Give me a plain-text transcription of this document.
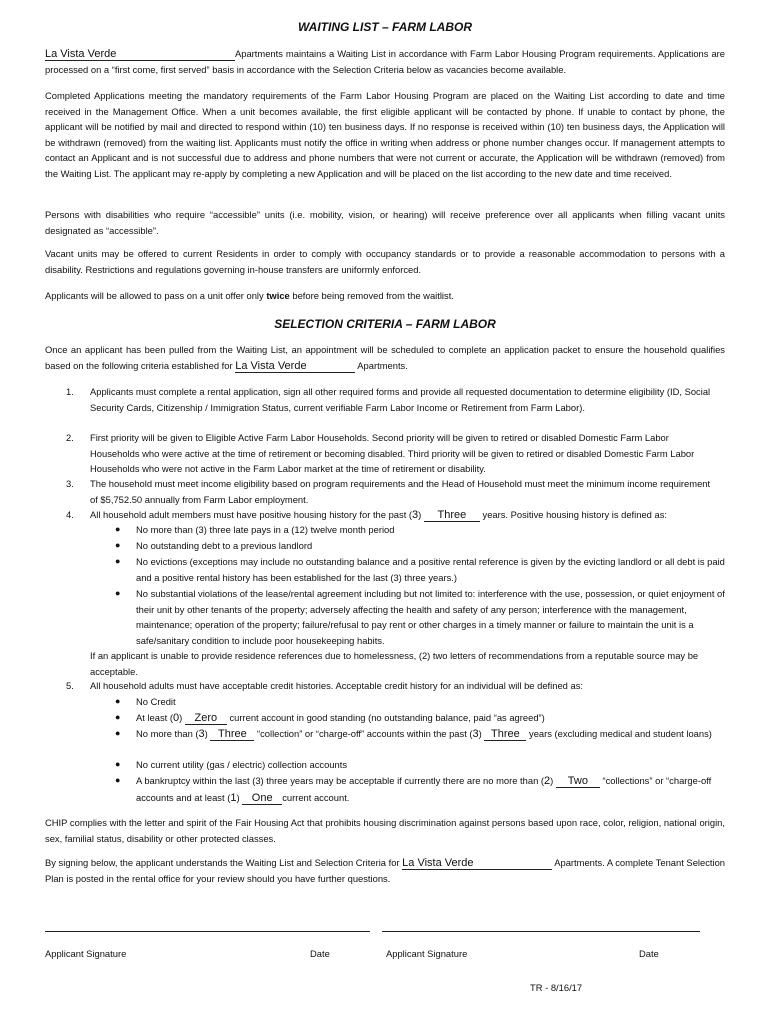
WAITING LIST – FARM LABOR
La Vista Verde	Apartments maintains a Waiting List in accordance with Farm Labor Housing Program requirements. Applications are processed on a “first come, first served” basis in accordance with the Selection Criteria below as vacancies become available.
Completed Applications meeting the mandatory requirements of the Farm Labor Housing Program are placed on the Waiting List according to date and time received in the Management Office. When a unit becomes available, the first eligible applicant will be contacted by phone. If unable to contact by phone, the applicant will be notified by mail and directed to respond within (10) ten business days. If no response is received within (10) ten business days, the Application will be withdrawn (removed) from the waiting list. Applicants must notify the office in writing when address or phone number changes occur. If management attempts to contact an Applicant and is not successful due to address and phone numbers that were not current or accurate, the Application will be withdrawn (removed) from the Waiting List. The applicant may re-apply by completing a new Application and will be placed on the list according to the new date and time received.
Persons with disabilities who require “accessible” units (i.e. mobility, vision, or hearing) will receive preference over all applicants when filling vacant units designated as “accessible”.
Vacant units may be offered to current Residents in order to comply with occupancy standards or to provide a reasonable accommodation to persons with a disability. Restrictions and regulations governing in-house transfers are uniformly enforced.
Applicants will be allowed to pass on a unit offer only twice before being removed from the waitlist.
SELECTION CRITERIA – FARM LABOR
Once an applicant has been pulled from the Waiting List, an appointment will be scheduled to complete an application packet to ensure the household qualifies based on the following criteria established for La Vista Verde	Apartments.
1. Applicants must complete a rental application, sign all other required forms and provide all requested documentation to determine eligibility (ID, Social Security Cards, Citizenship / Immigration Status, current verifiable Farm Labor Income or Retirement from Farm Labor).
2. First priority will be given to Eligible Active Farm Labor Households. Second priority will be given to retired or disabled Domestic Farm Labor Households who were active at the time of retirement or becoming disabled. Third priority will be given to retired or disabled Domestic Farm Labor Households who were not active in the Farm Labor market at the time of retirement or disability.
3. The household must meet income eligibility based on program requirements and the Head of Household must meet the minimum income requirement of $5,752.50 annually from Farm Labor employment.
4. All household adult members must have positive housing history for the past (3) Three years. Positive housing history is defined as:
● No more than (3) three late pays in a (12) twelve month period
● No outstanding debt to a previous landlord
● No evictions (exceptions may include no outstanding balance and a positive rental reference is given by the evicting landlord or all debt is paid and a positive rental history has been established for the last (3) three years.)
● No substantial violations of the lease/rental agreement including but not limited to: interference with the use, possession, or quiet enjoyment of their unit by other tenants of the property; adversely affecting the health and safety of any person; interference with the management, maintenance; operation of the property; failure/refusal to pay rent or other charges in a timely manner or failure to maintain the unit is a safe/sanitary condition to include poor housekeeping habits.
If an applicant is unable to provide residence references due to homelessness, (2) two letters of recommendations from a reputable source may be acceptable.
5. All household adults must have acceptable credit histories. Acceptable credit history for an individual will be defined as:
● No Credit
● At least (0) Zero current account in good standing (no outstanding balance, paid “as agreed”)
● No more than (3) Three “collection” or “charge-off” accounts within the past (3) Three years (excluding medical and student loans)
● No current utility (gas / electric) collection accounts
● A bankruptcy within the last (3) three years may be acceptable if currently there are no more than (2) Two “collections” or “charge-off accounts and at least (1) One current account.
CHIP complies with the letter and spirit of the Fair Housing Act that prohibits housing discrimination against persons based upon race, color, religion, national origin, sex, familial status, disability or other protected classes.
By signing below, the applicant understands the Waiting List and Selection Criteria for La Vista Verde	Apartments. A complete Tenant Selection Plan is posted in the rental office for your review should you have further questions.
Applicant Signature	Date	Applicant Signature	Date
TR - 8/16/17
